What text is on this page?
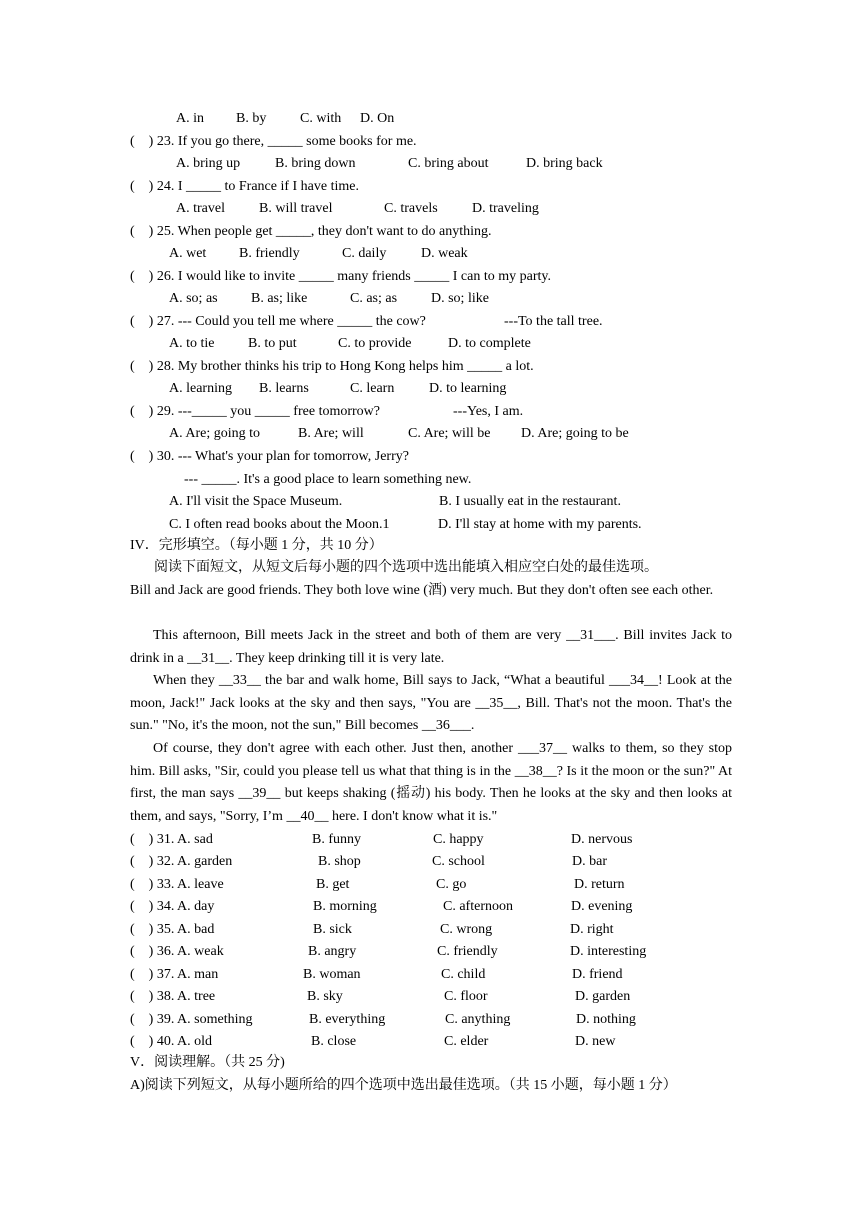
A. in B. by C. with D. On
(    ) 23. If you go there, _____ some books for me.
A. bring up B. bring down	C. bring about	D. bring back
(    ) 24. I _____ to France if I have time.
A. travel B. will travel	C. travels D. traveling
(    ) 25. When people get _____, they don't want to do anything.
A. wet B. friendly	C. daily D. weak
(    ) 26. I would like to invite _____ many friends _____ I can to my party.
A. so; as B. as; like	C. as; as D. so; like
(    ) 27. --- Could you tell me where _____ the cow?	---To the tall tree.
A. to tie B. to put	C. to provide	D. to complete
(    ) 28. My brother thinks his trip to Hong Kong helps him _____ a lot.
A. learning B. learns	C. learn D. to learning
(    ) 29. ---_____ you _____ free tomorrow?	---Yes, I am.
A. Are; going to	B. Are; will	C. Are; will be D. Are; going to be
(    ) 30. --- What's your plan for tomorrow, Jerry?
--- _____. It's a good place to learn something new.
A. I'll visit the Space Museum.	B. I usually eat in the restaurant.
C. I often read books about the Moon.1	D. I'll stay at home with my parents.
IV．完形填空。（每小题 1 分，共 10 分）
阅读下面短文，从短文后每小题的四个选项中选出能填入相应空白处的最佳选项。
Bill and Jack are good friends. They both love wine (酒) very much. But they don't often see each other.
This afternoon, Bill meets Jack in the street and both of them are very __31___. Bill invites Jack to drink in a __31__. They keep drinking till it is very late.
When they __33__ the bar and walk home, Bill says to Jack, “What a beautiful ___34__! Look at the moon, Jack!" Jack looks at the sky and then says, "You are __35__, Bill. That's not the moon. That's the sun." "No, it's the moon, not the sun," Bill becomes __36___.
Of course, they don't agree with each other. Just then, another ___37__ walks to them, so they stop him. Bill asks, "Sir, could you please tell us what that thing is in the __38__? Is it the moon or the sun?" At first, the man says __39__ but keeps shaking (摇动) his body. Then he looks at the sky and then looks at them, and says, "Sorry, I’m __40__ here. I don't know what it is."
(    ) 31. A. sad	B. funny	C. happy	D. nervous
(    ) 32. A. garden	B. shop	C. school	D. bar
(    ) 33. A. leave	B. get	C. go	D. return
(    ) 34. A. day	B. morning	C. afternoon	D. evening
(    ) 35. A. bad	B. sick	C. wrong	D. right
(    ) 36. A. weak	B. angry	C. friendly	D. interesting
(    ) 37. A. man	B. woman	C. child	D. friend
(    ) 38. A. tree	B. sky	C. floor	D. garden
(    ) 39. A. something	B. everything	C. anything	D. nothing
(    ) 40. A. old	B. close	C. elder	D. new
V．阅读理解。（共 25 分)
A)阅读下列短文，从每小题所给的四个选项中选出最佳选项。（共 15 小题，每小题 1 分）
